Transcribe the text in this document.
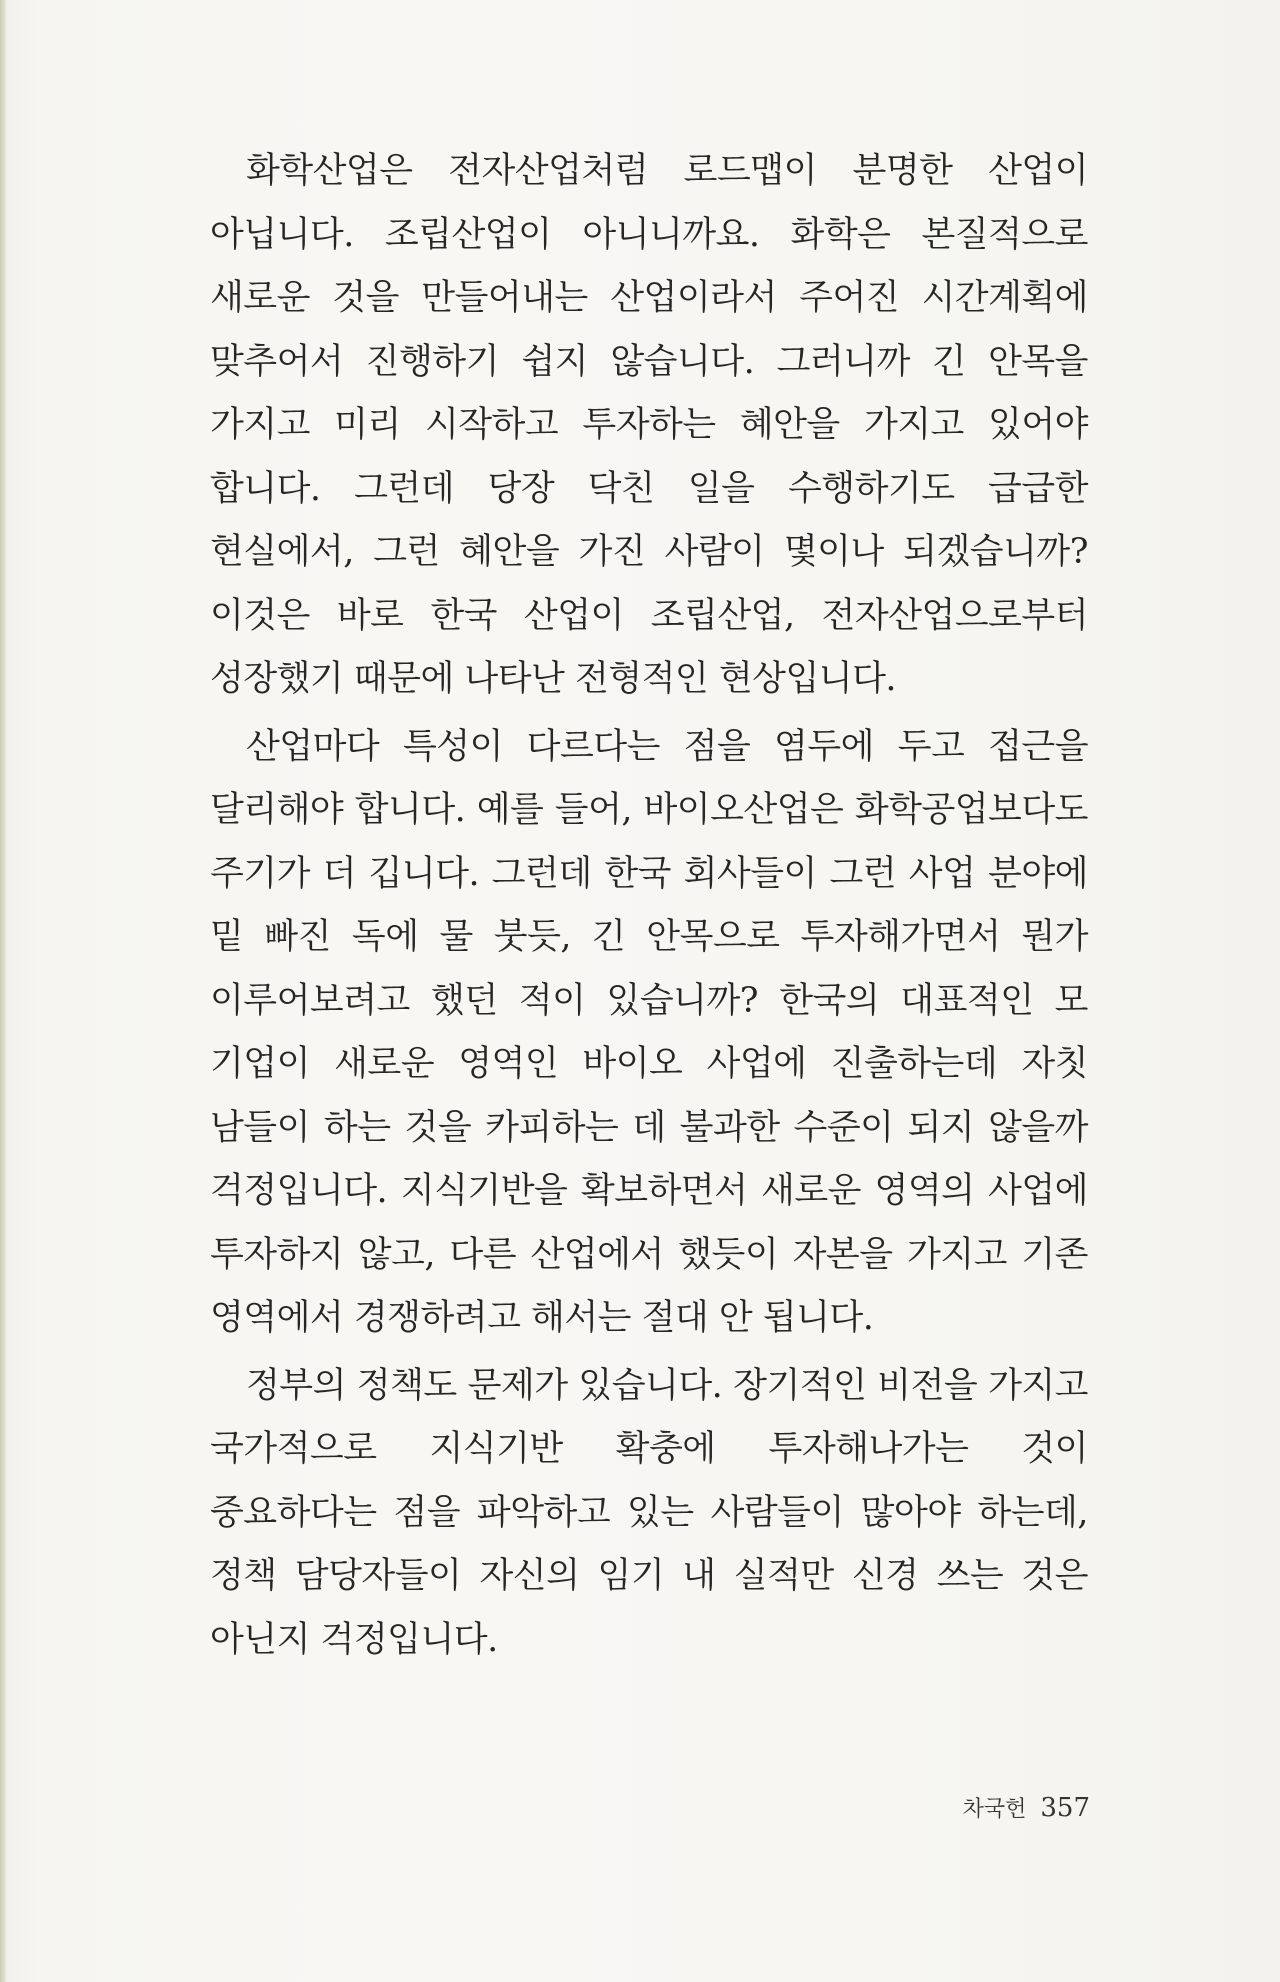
화학산업은 전자산업처럼 로드맵이 분명한 산업이 아닙니다. 조립산업이 아니니까요. 화학은 본질적으로 새로운 것을 만들어내는 산업이라서 주어진 시간계획에 맞추어서 진행하기 쉽지 않습니다. 그러니까 긴 안목을 가지고 미리 시작하고 투자하는 혜안을 가지고 있어야 합니다. 그런데 당장 닥친 일을 수행하기도 급급한 현실에서, 그런 혜안을 가진 사람이 몇이나 되겠습니까? 이것은 바로 한국 산업이 조립산업, 전자산업으로부터 성장했기 때문에 나타난 전형적인 현상입니다.

산업마다 특성이 다르다는 점을 염두에 두고 접근을 달리해야 합니다. 예를 들어, 바이오산업은 화학공업보다도 주기가 더 깁니다. 그런데 한국 회사들이 그런 사업 분야에 밑 빠진 독에 물 붓듯, 긴 안목으로 투자해가면서 뭔가 이루어보려고 했던 적이 있습니까? 한국의 대표적인 모 기업이 새로운 영역인 바이오 사업에 진출하는데 자칫 남들이 하는 것을 카피하는 데 불과한 수준이 되지 않을까 걱정입니다. 지식기반을 확보하면서 새로운 영역의 사업에 투자하지 않고, 다른 산업에서 했듯이 자본을 가지고 기존 영역에서 경쟁하려고 해서는 절대 안 됩니다.

정부의 정책도 문제가 있습니다. 장기적인 비전을 가지고 국가적으로 지식기반 확충에 투자해나가는 것이 중요하다는 점을 파악하고 있는 사람들이 많아야 하는데, 정책 담당자들이 자신의 임기 내 실적만 신경 쓰는 것은 아닌지 걱정입니다.

차국헌 357
